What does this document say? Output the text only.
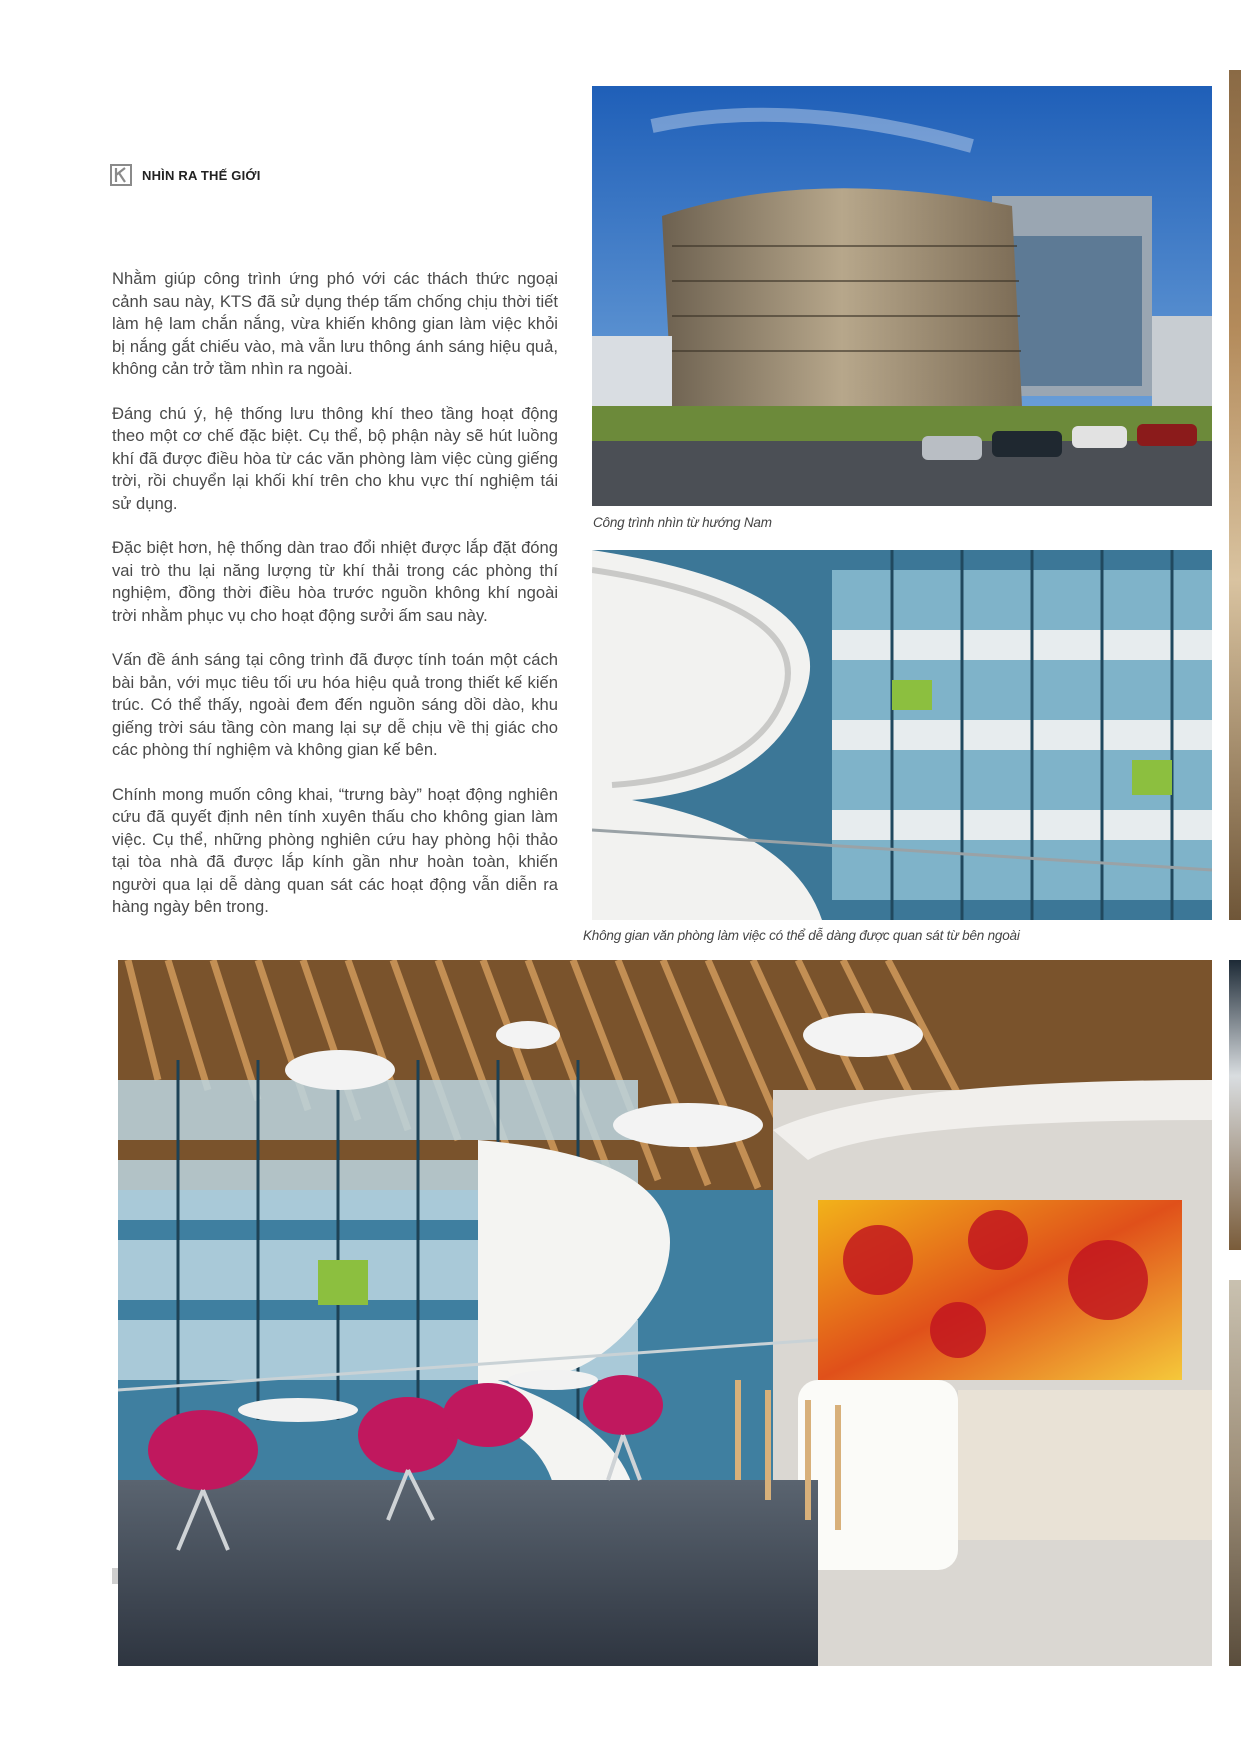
NHÌN RA THẾ GIỚI

Nhằm giúp công trình ứng phó với các thách thức ngoại cảnh sau này, KTS đã sử dụng thép tấm chống chịu thời tiết làm hệ lam chắn nắng, vừa khiến không gian làm việc khỏi bị nắng gắt chiếu vào, mà vẫn lưu thông ánh sáng hiệu quả, không cản trở tầm nhìn ra ngoài.

Đáng chú ý, hệ thống lưu thông khí theo tầng hoạt động theo một cơ chế đặc biệt. Cụ thể, bộ phận này sẽ hút luồng khí đã được điều hòa từ các văn phòng làm việc cùng giếng trời, rồi chuyển lại khối khí trên cho khu vực thí nghiệm tái sử dụng.

Đặc biệt hơn, hệ thống dàn trao đổi nhiệt được lắp đặt đóng vai trò thu lại năng lượng từ khí thải trong các phòng thí nghiệm, đồng thời điều hòa trước nguồn không khí ngoài trời nhằm phục vụ cho hoạt động sưởi ấm sau này.

Vấn đề ánh sáng tại công trình đã được tính toán một cách bài bản, với mục tiêu tối ưu hóa hiệu quả trong thiết kế kiến trúc. Có thể thấy, ngoài đem đến nguồn sáng dồi dào, khu giếng trời sáu tầng còn mang lại sự dễ chịu về thị giác cho các phòng thí nghiệm và không gian kế bên.

Chính mong muốn công khai, “trưng bày” hoạt động nghiên cứu đã quyết định nên tính xuyên thấu cho không gian làm việc. Cụ thể, những phòng nghiên cứu hay phòng hội thảo tại tòa nhà đã được lắp kính gần như hoàn toàn, khiến người qua lại dễ dàng quan sát các hoạt động vẫn diễn ra hàng ngày bên trong.

Công trình nhìn từ hướng Nam
Không gian văn phòng làm việc có thể dễ dàng được quan sát từ bên ngoài
